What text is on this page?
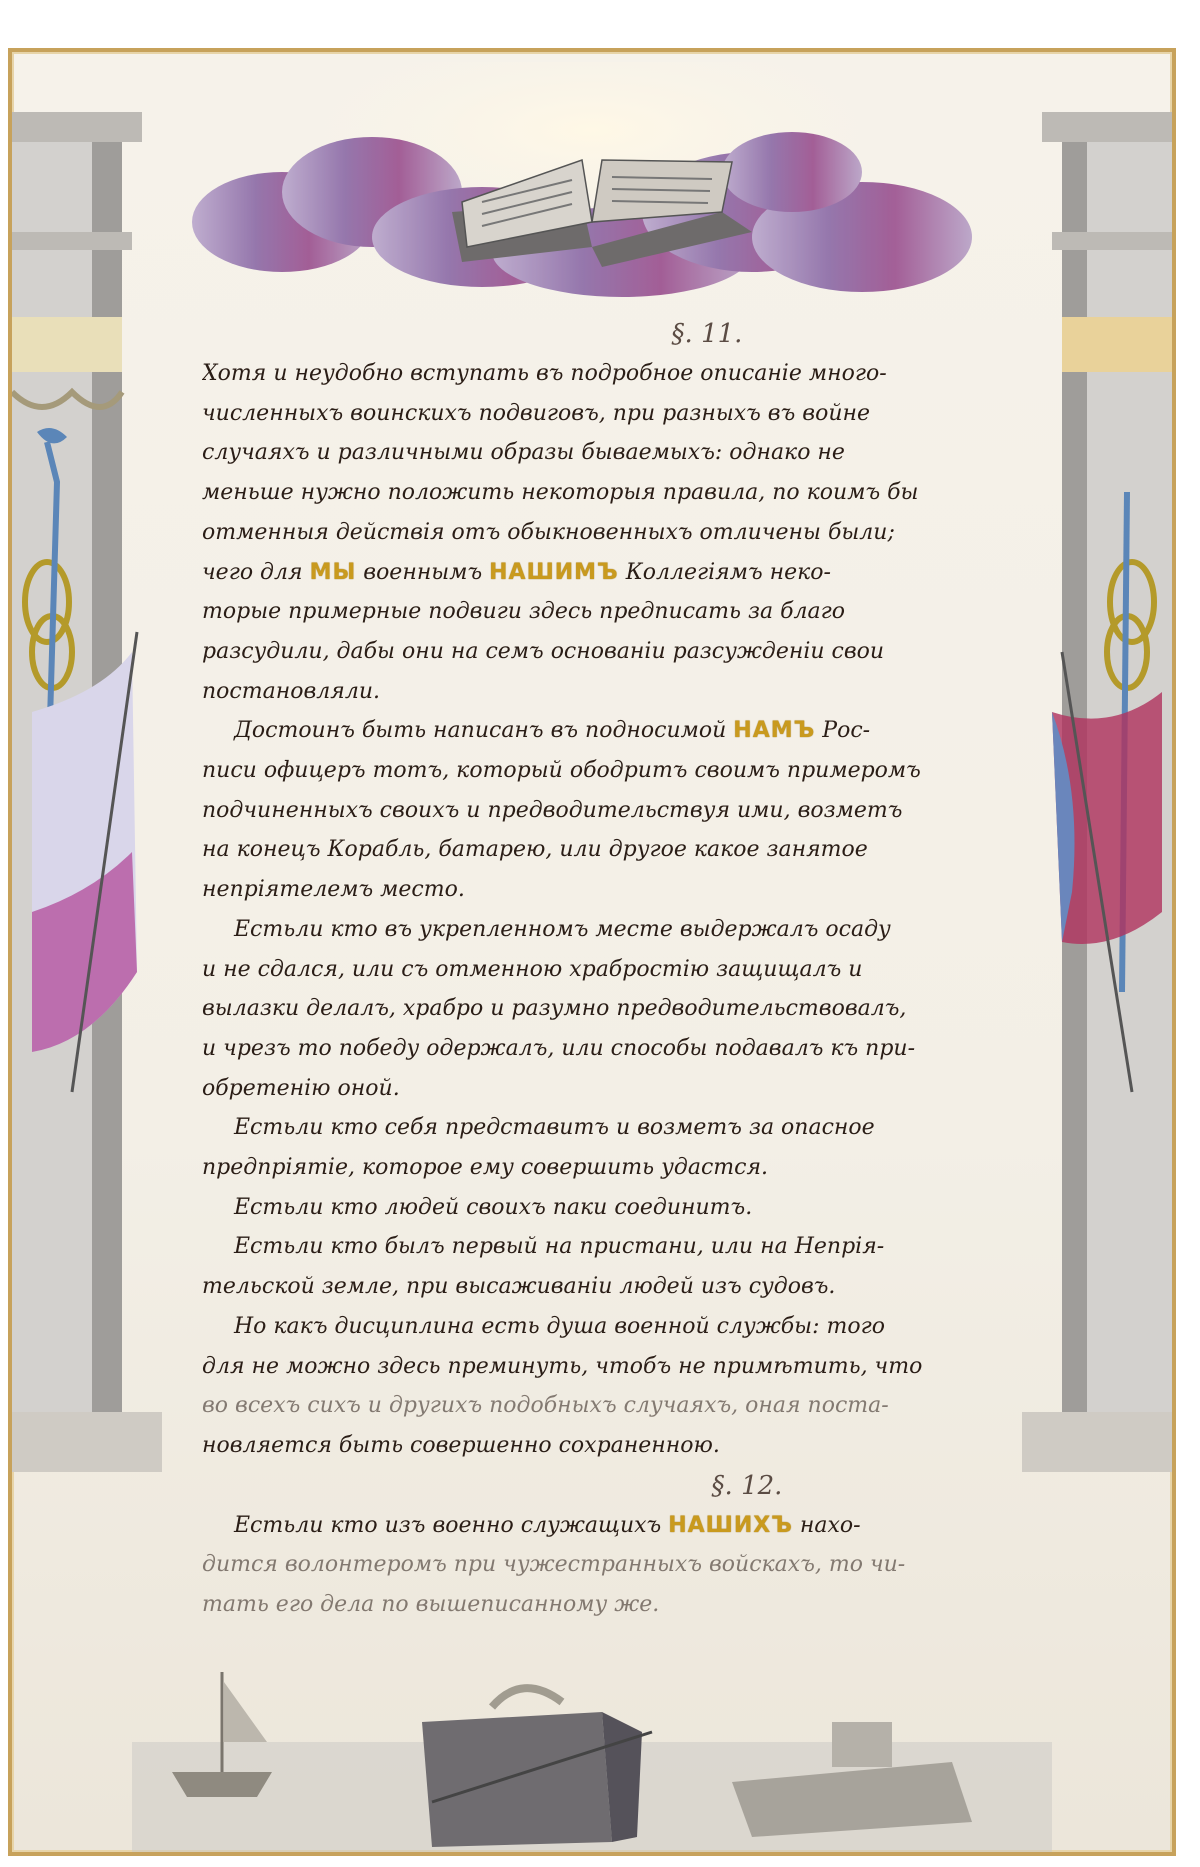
§. 11.

Хотя и неудобно вступать въ подробное описаніе много-
численныхъ воинскихъ подвиговъ, при разныхъ въ войне
случаяхъ и различными образы бываемыхъ: однако не
меньше нужно положить некоторыя правила, по коимъ бы
отменныя действія отъ обыкновенныхъ отличены были;
чего для МЫ военнымъ НАШИМЪ Коллегіямъ нeкo-
торые примерные подвиги здесь предписать за благо
разсудили, дабы они на семъ основаніи разсужденіи свои
постановляли.

Достоинъ быть написанъ въ подносимой НАМЪ Рос-
писи офицеръ тотъ, который ободритъ своимъ примеромъ
подчиненныхъ своихъ и предводительствуя ими, возметъ
на конецъ Корабль, батарею, или другое какое занятое
непріятелемъ место.

Естьли кто въ укрепленномъ месте выдержалъ осаду
и не сдался, или съ отменною храбростію защищалъ и
вылазки делалъ, храбро и разумно предводительствовалъ,
и чрезъ то победу одержалъ, или способы подавалъ къ при-
обретенію оной.

Естьли кто себя представитъ и возметъ за опасное
предпріятіе, которое ему совершить удастся.

Естьли кто людей своихъ паки соединитъ.

Естьли кто былъ первый на пристани, или на Непрія-
тельской земле, при высаживаніи людей изъ судовъ.

Но какъ дисциплина есть душа военной службы: того
для не можно здесь преминуть, чтобъ не примѣтить, что
во всехъ сихъ и другихъ подобныхъ случаяхъ, оная поста-
новляется быть совершенно сохраненною.

§. 12.

Естьли кто изъ военно служащихъ НАШИХЪ нахо-
дится волонтеромъ при чужестранныхъ войскахъ, то чи-
тать его дела по вышеписанному же.
